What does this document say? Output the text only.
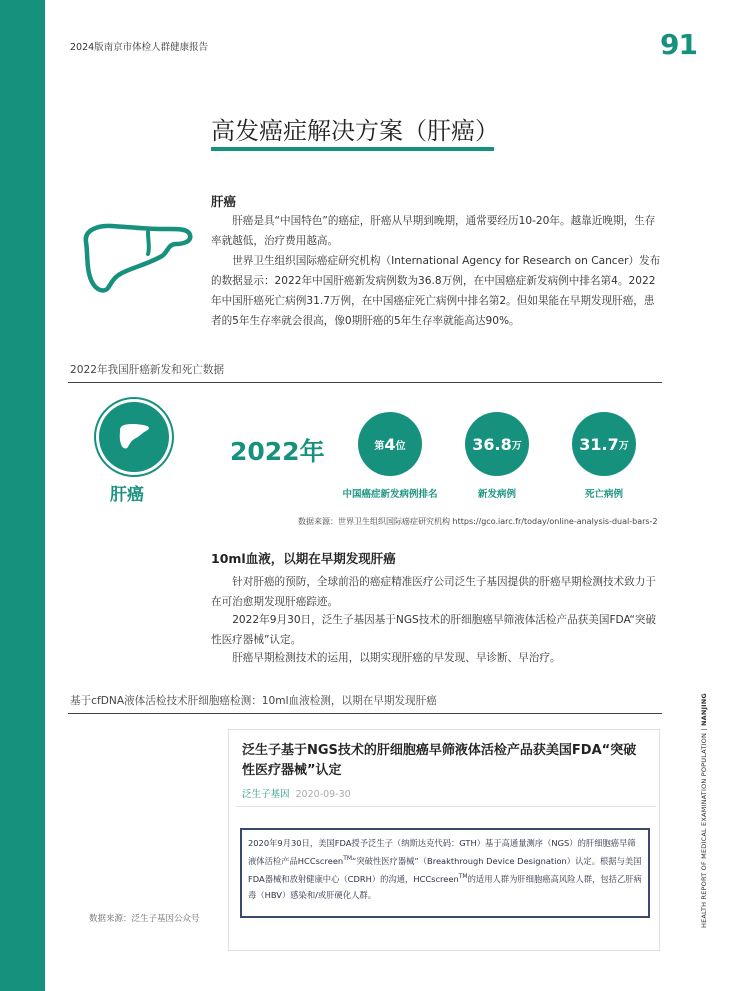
2024版南京市体检人群健康报告	91
高发癌症解决方案（肝癌）
肝癌

肝癌是具“中国特色”的癌症，肝癌从早期到晚期，通常要经历10-20年。越靠近晚期，生存率就越低，治疗费用越高。

世界卫生组织国际癌症研究机构（International Agency for Research on Cancer）发布的数据显示：2022年中国肝癌新发病例数为36.8万例，在中国癌症新发病例中排名第4。2022年中国肝癌死亡病例31.7万例，在中国癌症死亡病例中排名第2。但如果能在早期发现肝癌，患者的5年生存率就会很高，像0期肝癌的5年生存率就能高达90%。

2022年我国肝癌新发和死亡数据
肝癌
2022年	第 4 位	36.8 万	31.7 万
中国癌症新发病例排名	新发病例	死亡病例
数据来源：世界卫生组织国际癌症研究机构 https://gco.iarc.fr/today/online-analysis-dual-bars-2
10ml血液，以期在早期发现肝癌

针对肝癌的预防，全球前沿的癌症精准医疗公司泛生子基因提供的肝癌早期检测技术致力于在可治愈期发现肝癌踪迹。

2022年9月30日，泛生子基因基于NGS技术的肝细胞癌早筛液体活检产品获美国FDA“突破性医疗器械”认定。

肝癌早期检测技术的运用，以期实现肝癌的早发现、早诊断、早治疗。

基于cfDNA液体活检技术肝细胞癌检测：10ml血液检测，以期在早期发现肝癌
泛生子基于NGS技术的肝细胞癌早筛液体活检产品获美国FDA“突破性医疗器械”认定
泛生子基因 2020-09-30

2020年9月30日，美国FDA授予泛生子（纳斯达克代码：GTH）基于高通量测序（NGS）的肝细胞癌早筛液体活检产品HCCscreen™“突破性医疗器械”（Breakthrough Device Designation）认定。根据与美国FDA器械和放射健康中心（CDRH）的沟通，HCCscreen™的适用人群为肝细胞癌高风险人群，包括乙肝病毒（HBV）感染和/或肝硬化人群。

数据来源：泛生子基因公众号	HEALTH REPORT OF MEDICAL EXAMINATION POPULATION | NANJING
